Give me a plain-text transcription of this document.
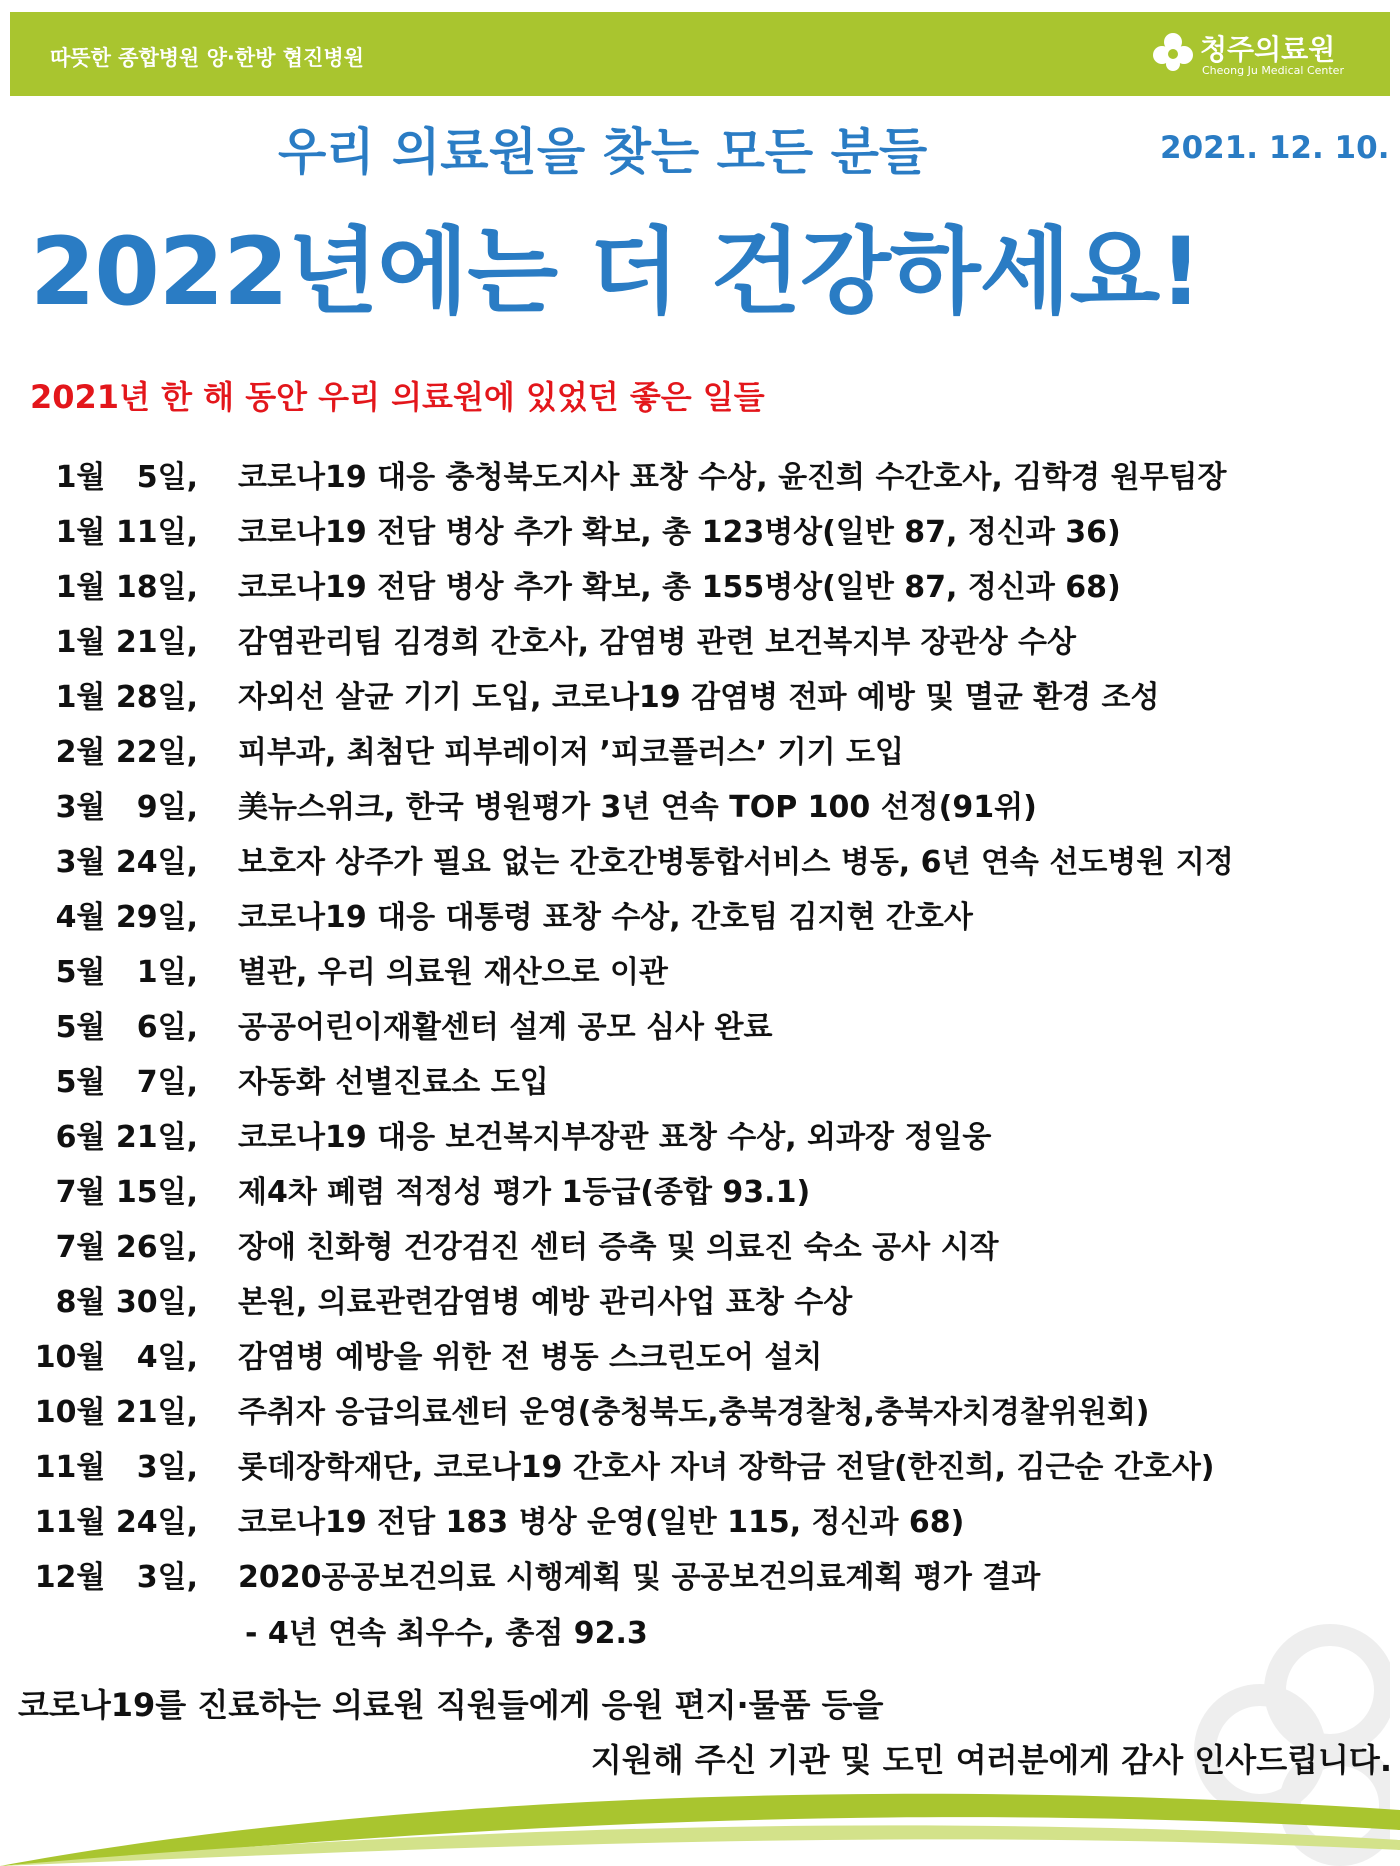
따뜻한 종합병원 양·한방 협진병원	청주의료원
Cheong Ju Medical Center
우리 의료원을 찾는 모든 분들	2021. 12. 10.
2022년에는 더 건강하세요!
2021년 한 해 동안 우리 의료원에 있었던 좋은 일들
1월   5일, 코로나19 대응 충청북도지사 표창 수상, 윤진희 수간호사, 김학경 원무팀장
1월 11일, 코로나19 전담 병상 추가 확보, 총 123병상(일반 87, 정신과 36)
1월 18일, 코로나19 전담 병상 추가 확보, 총 155병상(일반 87, 정신과 68)
1월 21일, 감염관리팀 김경희 간호사, 감염병 관련 보건복지부 장관상 수상
1월 28일, 자외선 살균 기기 도입, 코로나19 감염병 전파 예방 및 멸균 환경 조성
2월 22일, 피부과, 최첨단 피부레이저 ’피코플러스’ 기기 도입
3월   9일, 美뉴스위크, 한국 병원평가 3년 연속 TOP 100 선정(91위)
3월 24일, 보호자 상주가 필요 없는 간호간병통합서비스 병동, 6년 연속 선도병원 지정
4월 29일, 코로나19 대응 대통령 표창 수상, 간호팀 김지현 간호사
5월   1일, 별관, 우리 의료원 재산으로 이관
5월   6일, 공공어린이재활센터 설계 공모 심사 완료
5월   7일, 자동화 선별진료소 도입
6월 21일, 코로나19 대응 보건복지부장관 표창 수상, 외과장 정일웅
7월 15일, 제4차 폐렴 적정성 평가 1등급(종합 93.1)
7월 26일, 장애 친화형 건강검진 센터 증축 및 의료진 숙소 공사 시작
8월 30일, 본원, 의료관련감염병 예방 관리사업 표창 수상
10월   4일, 감염병 예방을 위한 전 병동 스크린도어 설치
10월 21일, 주취자 응급의료센터 운영(충청북도,충북경찰청,충북자치경찰위원회)
11월   3일, 롯데장학재단, 코로나19 간호사 자녀 장학금 전달(한진희, 김근순 간호사)
11월 24일, 코로나19 전담 183 병상 운영(일반 115, 정신과 68)
12월   3일, 2020공공보건의료 시행계획 및 공공보건의료계획 평가 결과
- 4년 연속 최우수, 총점 92.3
코로나19를 진료하는 의료원 직원들에게 응원 편지·물품 등을
지원해 주신 기관 및 도민 여러분에게 감사 인사드립니다.
